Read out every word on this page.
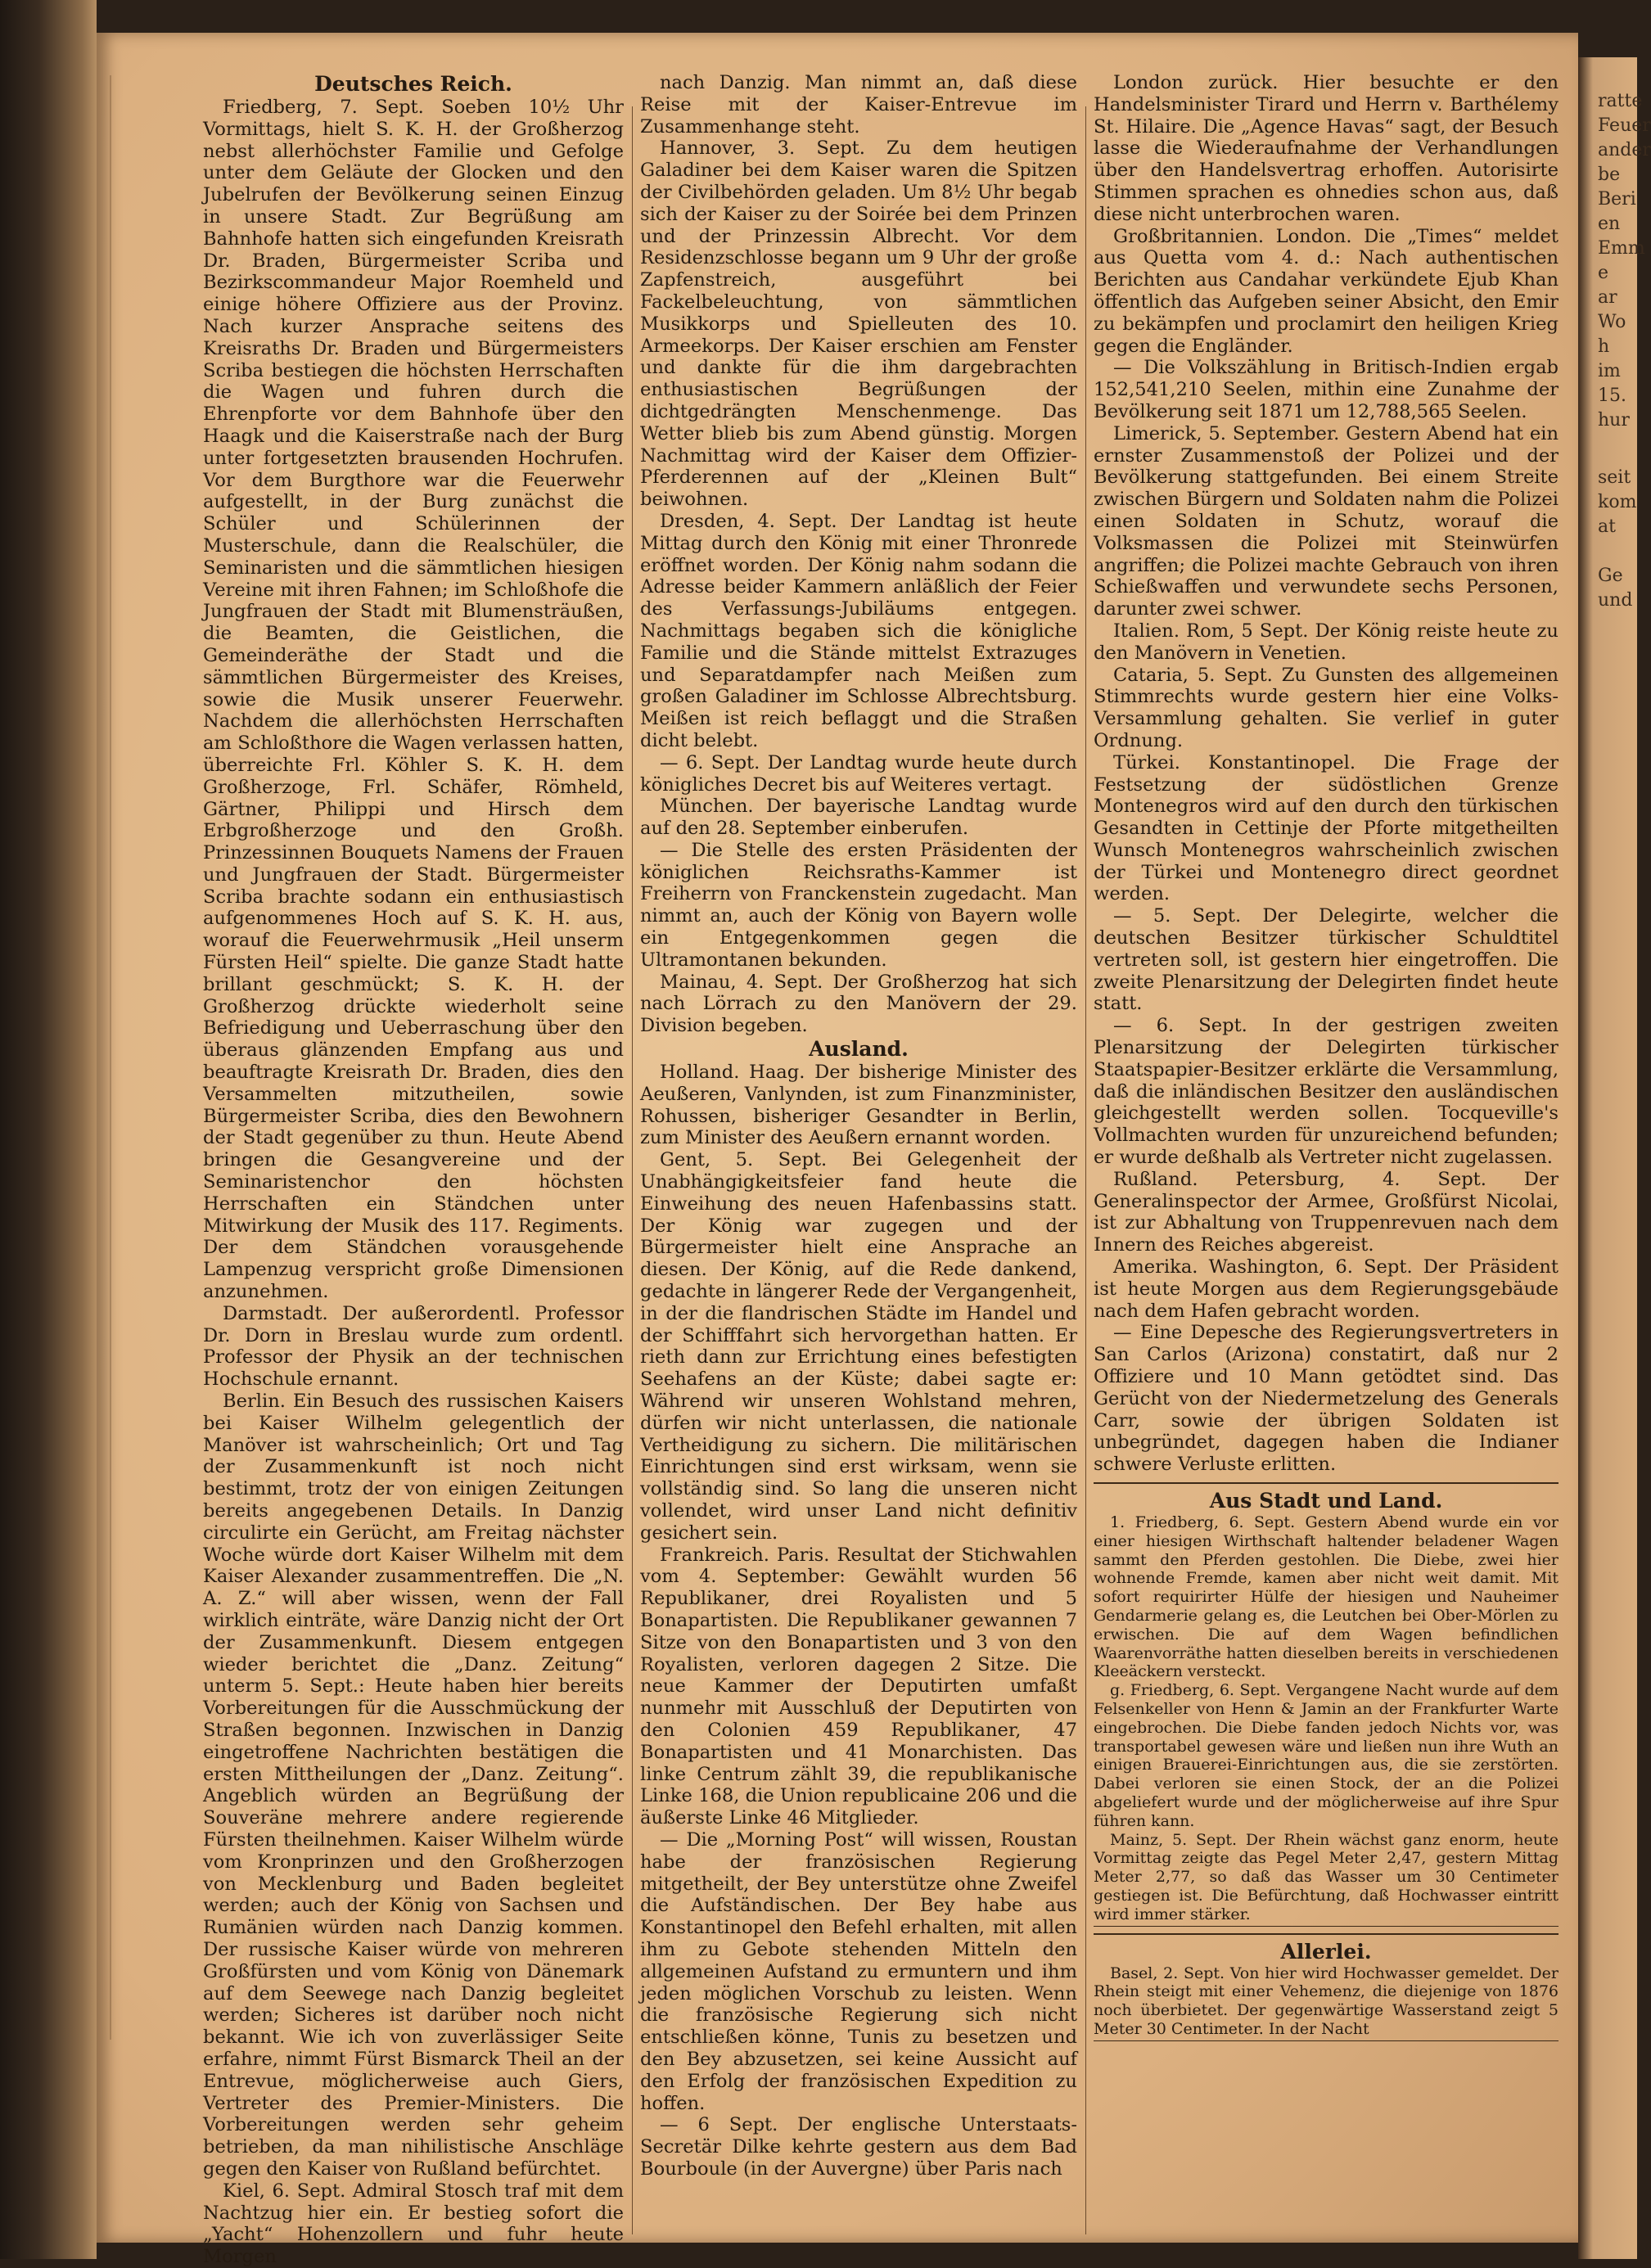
Deutsches Reich.

Friedberg, 7. Sept. Soeben 10½ Uhr Vormittags, hielt S. K. H. der Großherzog nebst allerhöchster Familie und Gefolge unter dem Geläute der Glocken und den Jubelrufen der Bevölkerung seinen Einzug in unsere Stadt. Zur Begrüßung am Bahnhofe hatten sich eingefunden Kreisrath Dr. Braden, Bürgermeister Scriba und Bezirkscommandeur Major Roemheld und einige höhere Offiziere aus der Provinz. Nach kurzer Ansprache seitens des Kreisraths Dr. Braden und Bürgermeisters Scriba bestiegen die höchsten Herrschaften die Wagen und fuhren durch die Ehrenpforte vor dem Bahnhofe über den Haagk und die Kaiserstraße nach der Burg unter fortgesetzten brausenden Hochrufen. Vor dem Burgthore war die Feuerwehr aufgestellt, in der Burg zunächst die Schüler und Schülerinnen der Musterschule, dann die Realschüler, die Seminaristen und die sämmtlichen hiesigen Vereine mit ihren Fahnen; im Schloßhofe die Jungfrauen der Stadt mit Blumensträußen, die Beamten, die Geistlichen, die Gemeinderäthe der Stadt und die sämmtlichen Bürgermeister des Kreises, sowie die Musik unserer Feuerwehr. Nachdem die allerhöchsten Herrschaften am Schloßthore die Wagen verlassen hatten, überreichte Frl. Köhler S. K. H. dem Großherzoge, Frl. Schäfer, Römheld, Gärtner, Philippi und Hirsch dem Erbgroßherzoge und den Großh. Prinzessinnen Bouquets Namens der Frauen und Jungfrauen der Stadt. Bürgermeister Scriba brachte sodann ein enthusiastisch aufgenommenes Hoch auf S. K. H. aus, worauf die Feuerwehrmusik „Heil unserm Fürsten Heil“ spielte. Die ganze Stadt hatte brillant geschmückt; S. K. H. der Großherzog drückte wiederholt seine Befriedigung und Ueberraschung über den überaus glänzenden Empfang aus und beauftragte Kreisrath Dr. Braden, dies den Versammelten mitzutheilen, sowie Bürgermeister Scriba, dies den Bewohnern der Stadt gegenüber zu thun. Heute Abend bringen die Gesangvereine und der Seminaristenchor den höchsten Herrschaften ein Ständchen unter Mitwirkung der Musik des 117. Regiments. Der dem Ständchen vorausgehende Lampenzug verspricht große Dimensionen anzunehmen.

Darmstadt. Der außerordentl. Professor Dr. Dorn in Breslau wurde zum ordentl. Professor der Physik an der technischen Hochschule ernannt.

Berlin. Ein Besuch des russischen Kaisers bei Kaiser Wilhelm gelegentlich der Manöver ist wahrscheinlich; Ort und Tag der Zusammenkunft ist noch nicht bestimmt, trotz der von einigen Zeitungen bereits angegebenen Details. In Danzig circulirte ein Gerücht, am Freitag nächster Woche würde dort Kaiser Wilhelm mit dem Kaiser Alexander zusammentreffen. Die „N. A. Z.“ will aber wissen, wenn der Fall wirklich einträte, wäre Danzig nicht der Ort der Zusammenkunft. Diesem entgegen wieder berichtet die „Danz. Zeitung“ unterm 5. Sept.: Heute haben hier bereits Vorbereitungen für die Ausschmückung der Straßen begonnen. Inzwischen in Danzig eingetroffene Nachrichten bestätigen die ersten Mittheilungen der „Danz. Zeitung“. Angeblich würden an Begrüßung der Souveräne mehrere andere regierende Fürsten theilnehmen. Kaiser Wilhelm würde vom Kronprinzen und den Großherzogen von Mecklenburg und Baden begleitet werden; auch der König von Sachsen und Rumänien würden nach Danzig kommen. Der russische Kaiser würde von mehreren Großfürsten und vom König von Dänemark auf dem Seewege nach Danzig begleitet werden; Sicheres ist darüber noch nicht bekannt. Wie ich von zuverlässiger Seite erfahre, nimmt Fürst Bismarck Theil an der Entrevue, möglicherweise auch Giers, Vertreter des Premier-Ministers. Die Vorbereitungen werden sehr geheim betrieben, da man nihilistische Anschläge gegen den Kaiser von Rußland befürchtet.

Kiel, 6. Sept. Admiral Stosch traf mit dem Nachtzug hier ein. Er bestieg sofort die „Yacht“ Hohenzollern und fuhr heute Morgen

nach Danzig. Man nimmt an, daß diese Reise mit der Kaiser-Entrevue im Zusammenhange steht.

Hannover, 3. Sept. Zu dem heutigen Galadiner bei dem Kaiser waren die Spitzen der Civilbehörden geladen. Um 8½ Uhr begab sich der Kaiser zu der Soirée bei dem Prinzen und der Prinzessin Albrecht. Vor dem Residenzschlosse begann um 9 Uhr der große Zapfenstreich, ausgeführt bei Fackelbeleuchtung, von sämmtlichen Musikkorps und Spielleuten des 10. Armeekorps. Der Kaiser erschien am Fenster und dankte für die ihm dargebrachten enthusiastischen Begrüßungen der dichtgedrängten Menschenmenge. Das Wetter blieb bis zum Abend günstig. Morgen Nachmittag wird der Kaiser dem Offizier-Pferderennen auf der „Kleinen Bult“ beiwohnen.

Dresden, 4. Sept. Der Landtag ist heute Mittag durch den König mit einer Thronrede eröffnet worden. Der König nahm sodann die Adresse beider Kammern anläßlich der Feier des Verfassungs-Jubiläums entgegen. Nachmittags begaben sich die königliche Familie und die Stände mittelst Extrazuges und Separatdampfer nach Meißen zum großen Galadiner im Schlosse Albrechtsburg. Meißen ist reich beflaggt und die Straßen dicht belebt.

— 6. Sept. Der Landtag wurde heute durch königliches Decret bis auf Weiteres vertagt.

München. Der bayerische Landtag wurde auf den 28. September einberufen.

— Die Stelle des ersten Präsidenten der königlichen Reichsraths-Kammer ist Freiherrn von Franckenstein zugedacht. Man nimmt an, auch der König von Bayern wolle ein Entgegenkommen gegen die Ultramontanen bekunden.

Mainau, 4. Sept. Der Großherzog hat sich nach Lörrach zu den Manövern der 29. Division begeben.

Ausland.

Holland. Haag. Der bisherige Minister des Aeußeren, Vanlynden, ist zum Finanzminister, Rohussen, bisheriger Gesandter in Berlin, zum Minister des Aeußern ernannt worden.

Gent, 5. Sept. Bei Gelegenheit der Unabhängigkeitsfeier fand heute die Einweihung des neuen Hafenbassins statt. Der König war zugegen und der Bürgermeister hielt eine Ansprache an diesen. Der König, auf die Rede dankend, gedachte in längerer Rede der Vergangenheit, in der die flandrischen Städte im Handel und der Schifffahrt sich hervorgethan hatten. Er rieth dann zur Errichtung eines befestigten Seehafens an der Küste; dabei sagte er: Während wir unseren Wohlstand mehren, dürfen wir nicht unterlassen, die nationale Vertheidigung zu sichern. Die militärischen Einrichtungen sind erst wirksam, wenn sie vollständig sind. So lang die unseren nicht vollendet, wird unser Land nicht definitiv gesichert sein.

Frankreich. Paris. Resultat der Stichwahlen vom 4. September: Gewählt wurden 56 Republikaner, drei Royalisten und 5 Bonapartisten. Die Republikaner gewannen 7 Sitze von den Bonapartisten und 3 von den Royalisten, verloren dagegen 2 Sitze. Die neue Kammer der Deputirten umfaßt nunmehr mit Ausschluß der Deputirten von den Colonien 459 Republikaner, 47 Bonapartisten und 41 Monarchisten. Das linke Centrum zählt 39, die republikanische Linke 168, die Union republicaine 206 und die äußerste Linke 46 Mitglieder.

— Die „Morning Post“ will wissen, Roustan habe der französischen Regierung mitgetheilt, der Bey unterstütze ohne Zweifel die Aufständischen. Der Bey habe aus Konstantinopel den Befehl erhalten, mit allen ihm zu Gebote stehenden Mitteln den allgemeinen Aufstand zu ermuntern und ihm jeden möglichen Vorschub zu leisten. Wenn die französische Regierung sich nicht entschließen könne, Tunis zu besetzen und den Bey abzusetzen, sei keine Aussicht auf den Erfolg der französischen Expedition zu hoffen.

— 6 Sept. Der englische Unterstaats-Secretär Dilke kehrte gestern aus dem Bad Bourboule (in der Auvergne) über Paris nach

London zurück. Hier besuchte er den Handelsminister Tirard und Herrn v. Barthélemy St. Hilaire. Die „Agence Havas“ sagt, der Besuch lasse die Wiederaufnahme der Verhandlungen über den Handelsvertrag erhoffen. Autorisirte Stimmen sprachen es ohnedies schon aus, daß diese nicht unterbrochen waren.

Großbritannien. London. Die „Times“ meldet aus Quetta vom 4. d.: Nach authentischen Berichten aus Candahar verkündete Ejub Khan öffentlich das Aufgeben seiner Absicht, den Emir zu bekämpfen und proclamirt den heiligen Krieg gegen die Engländer.

— Die Volkszählung in Britisch-Indien ergab 152,541,210 Seelen, mithin eine Zunahme der Bevölkerung seit 1871 um 12,788,565 Seelen.

Limerick, 5. September. Gestern Abend hat ein ernster Zusammenstoß der Polizei und der Bevölkerung stattgefunden. Bei einem Streite zwischen Bürgern und Soldaten nahm die Polizei einen Soldaten in Schutz, worauf die Volksmassen die Polizei mit Steinwürfen angriffen; die Polizei machte Gebrauch von ihren Schießwaffen und verwundete sechs Personen, darunter zwei schwer.

Italien. Rom, 5 Sept. Der König reiste heute zu den Manövern in Venetien.

Cataria, 5. Sept. Zu Gunsten des allgemeinen Stimmrechts wurde gestern hier eine Volks-Versammlung gehalten. Sie verlief in guter Ordnung.

Türkei. Konstantinopel. Die Frage der Festsetzung der südöstlichen Grenze Montenegros wird auf den durch den türkischen Gesandten in Cettinje der Pforte mitgetheilten Wunsch Montenegros wahrscheinlich zwischen der Türkei und Montenegro direct geordnet werden.

— 5. Sept. Der Delegirte, welcher die deutschen Besitzer türkischer Schuldtitel vertreten soll, ist gestern hier eingetroffen. Die zweite Plenarsitzung der Delegirten findet heute statt.

— 6. Sept. In der gestrigen zweiten Plenarsitzung der Delegirten türkischer Staatspapier-Besitzer erklärte die Versammlung, daß die inländischen Besitzer den ausländischen gleichgestellt werden sollen. Tocqueville's Vollmachten wurden für unzureichend befunden; er wurde deßhalb als Vertreter nicht zugelassen.

Rußland. Petersburg, 4. Sept. Der Generalinspector der Armee, Großfürst Nicolai, ist zur Abhaltung von Truppenrevuen nach dem Innern des Reiches abgereist.

Amerika. Washington, 6. Sept. Der Präsident ist heute Morgen aus dem Regierungsgebäude nach dem Hafen gebracht worden.

— Eine Depesche des Regierungsvertreters in San Carlos (Arizona) constatirt, daß nur 2 Offiziere und 10 Mann getödtet sind. Das Gerücht von der Niedermetzelung des Generals Carr, sowie der übrigen Soldaten ist unbegründet, dagegen haben die Indianer schwere Verluste erlitten.

Aus Stadt und Land.

1. Friedberg, 6. Sept. Gestern Abend wurde ein vor einer hiesigen Wirthschaft haltender beladener Wagen sammt den Pferden gestohlen. Die Diebe, zwei hier wohnende Fremde, kamen aber nicht weit damit. Mit sofort requirirter Hülfe der hiesigen und Nauheimer Gendarmerie gelang es, die Leutchen bei Ober-Mörlen zu erwischen. Die auf dem Wagen befindlichen Waarenvorräthe hatten dieselben bereits in verschiedenen Kleeäckern versteckt.

g. Friedberg, 6. Sept. Vergangene Nacht wurde auf dem Felsenkeller von Henn & Jamin an der Frankfurter Warte eingebrochen. Die Diebe fanden jedoch Nichts vor, was transportabel gewesen wäre und ließen nun ihre Wuth an einigen Brauerei-Einrichtungen aus, die sie zerstörten. Dabei verloren sie einen Stock, der an die Polizei abgeliefert wurde und der möglicherweise auf ihre Spur führen kann.

Mainz, 5. Sept. Der Rhein wächst ganz enorm, heute Vormittag zeigte das Pegel Meter 2,47, gestern Mittag Meter 2,77, so daß das Wasser um 30 Centimeter gestiegen ist. Die Befürchtung, daß Hochwasser eintritt wird immer stärker.

Allerlei.

Basel, 2. Sept. Von hier wird Hochwasser gemeldet. Der Rhein steigt mit einer Vehemenz, die diejenige von 1876 noch überbietet. Der gegenwärtige Wasserstand zeigt 5 Meter 30 Centimeter. In der Nacht

ratte
Feuer
ander
be
Beri
en
Emm
e
ar
Wo
h
im
15.
hur
seit
kom
at
Ge
und
